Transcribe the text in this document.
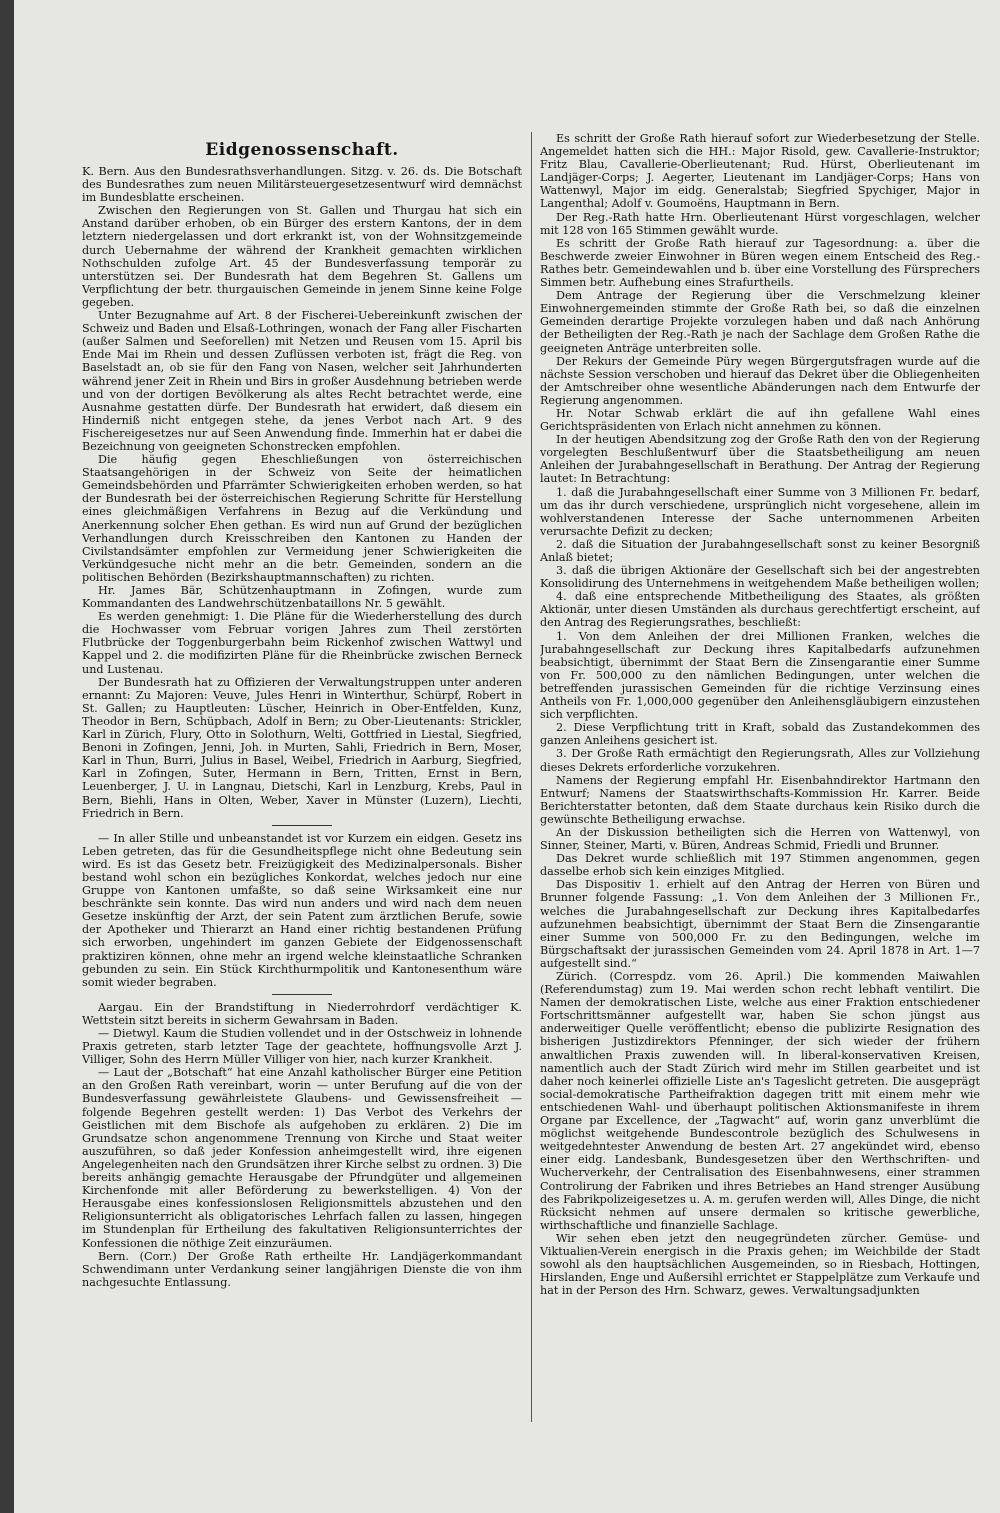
Eidgenossenschaft.

K. Bern. Aus den Bundesrathsverhandlungen. Sitzg. v. 26. ds. Die Botschaft des Bundesrathes zum neuen Militärsteuergesetzesentwurf wird demnächst im Bundesblatte erscheinen.

Zwischen den Regierungen von St. Gallen und Thurgau hat sich ein Anstand darüber erhoben, ob ein Bürger des erstern Kantons, der in dem letztern niedergelassen und dort erkrankt ist, von der Wohnsitzgemeinde durch Uebernahme der während der Krankheit gemachten wirklichen Nothschulden zufolge Art. 45 der Bundesverfassung temporär zu unterstützen sei. Der Bundesrath hat dem Begehren St. Gallens um Verpflichtung der betr. thurgauischen Gemeinde in jenem Sinne keine Folge gegeben.

Unter Bezugnahme auf Art. 8 der Fischerei-Uebereinkunft zwischen der Schweiz und Baden und Elsaß-Lothringen, wonach der Fang aller Fischarten (außer Salmen und Seeforellen) mit Netzen und Reusen vom 15. April bis Ende Mai im Rhein und dessen Zuflüssen verboten ist, frägt die Reg. von Baselstadt an, ob sie für den Fang von Nasen, welcher seit Jahrhunderten während jener Zeit in Rhein und Birs in großer Ausdehnung betrieben werde und von der dortigen Bevölkerung als altes Recht betrachtet werde, eine Ausnahme gestatten dürfe. Der Bundesrath hat erwidert, daß diesem ein Hinderniß nicht entgegen stehe, da jenes Verbot nach Art. 9 des Fischereigesetzes nur auf Seen Anwendung finde. Immerhin hat er dabei die Bezeichnung von geeigneten Schonstrecken empfohlen.

Die häufig gegen Eheschließungen von österreichischen Staatsangehörigen in der Schweiz von Seite der heimatlichen Gemeindsbehörden und Pfarrämter Schwierigkeiten erhoben werden, so hat der Bundesrath bei der österreichischen Regierung Schritte für Herstellung eines gleichmäßigen Verfahrens in Bezug auf die Verkündung und Anerkennung solcher Ehen gethan. Es wird nun auf Grund der bezüglichen Verhandlungen durch Kreisschreiben den Kantonen zu Handen der Civilstandsämter empfohlen zur Vermeidung jener Schwierigkeiten die Verkündgesuche nicht mehr an die betr. Gemeinden, sondern an die politischen Behörden (Bezirkshauptmannschaften) zu richten.

Hr. James Bär, Schützenhauptmann in Zofingen, wurde zum Kommandanten des Landwehrschützenbataillons Nr. 5 gewählt.

Es werden genehmigt: 1. Die Pläne für die Wiederherstellung des durch die Hochwasser vom Februar vorigen Jahres zum Theil zerstörten Flutbrücke der Toggenburgerbahn beim Rickenhof zwischen Wattwyl und Kappel und 2. die modifizirten Pläne für die Rheinbrücke zwischen Berneck und Lustenau.

Der Bundesrath hat zu Offizieren der Verwaltungstruppen unter anderen ernannt: Zu Majoren: Veuve, Jules Henri in Winterthur, Schürpf, Robert in St. Gallen; zu Hauptleuten: Lüscher, Heinrich in Ober-Entfelden, Kunz, Theodor in Bern, Schüpbach, Adolf in Bern; zu Ober-Lieutenants: Strickler, Karl in Zürich, Flury, Otto in Solothurn, Welti, Gottfried in Liestal, Siegfried, Benoni in Zofingen, Jenni, Joh. in Murten, Sahli, Friedrich in Bern, Moser, Karl in Thun, Burri, Julius in Basel, Weibel, Friedrich in Aarburg, Siegfried, Karl in Zofingen, Suter, Hermann in Bern, Tritten, Ernst in Bern, Leuenberger, J. U. in Langnau, Dietschi, Karl in Lenzburg, Krebs, Paul in Bern, Biehli, Hans in Olten, Weber, Xaver in Münster (Luzern), Liechti, Friedrich in Bern.

— In aller Stille und unbeanstandet ist vor Kurzem ein eidgen. Gesetz ins Leben getreten, das für die Gesundheitspflege nicht ohne Bedeutung sein wird. Es ist das Gesetz betr. Freizügigkeit des Medizinalpersonals. Bisher bestand wohl schon ein bezügliches Konkordat, welches jedoch nur eine Gruppe von Kantonen umfaßte, so daß seine Wirksamkeit eine nur beschränkte sein konnte. Das wird nun anders und wird nach dem neuen Gesetze inskünftig der Arzt, der sein Patent zum ärztlichen Berufe, sowie der Apotheker und Thierarzt an Hand einer richtig bestandenen Prüfung sich erworben, ungehindert im ganzen Gebiete der Eidgenossenschaft praktiziren können, ohne mehr an irgend welche kleinstaatliche Schranken gebunden zu sein. Ein Stück Kirchthurmpolitik und Kantonesenthum wäre somit wieder begraben.

Aargau. Ein der Brandstiftung in Niederrohrdorf verdächtiger K. Wettstein sitzt bereits in sicherm Gewahrsam in Baden.

— Dietwyl. Kaum die Studien vollendet und in der Ostschweiz in lohnende Praxis getreten, starb letzter Tage der geachtete, hoffnungsvolle Arzt J. Villiger, Sohn des Herrn Müller Villiger von hier, nach kurzer Krankheit.

— Laut der „Botschaft“ hat eine Anzahl katholischer Bürger eine Petition an den Großen Rath vereinbart, worin — unter Berufung auf die von der Bundesverfassung gewährleistete Glaubens- und Gewissensfreiheit — folgende Begehren gestellt werden: 1) Das Verbot des Verkehrs der Geistlichen mit dem Bischofe als aufgehoben zu erklären. 2) Die im Grundsatze schon angenommene Trennung von Kirche und Staat weiter auszuführen, so daß jeder Konfession anheimgestellt wird, ihre eigenen Angelegenheiten nach den Grundsätzen ihrer Kirche selbst zu ordnen. 3) Die bereits anhängig gemachte Herausgabe der Pfrundgüter und allgemeinen Kirchenfonde mit aller Beförderung zu bewerkstelligen. 4) Von der Herausgabe eines konfessionslosen Religionsmittels abzustehen und den Religionsunterricht als obligatorisches Lehrfach fallen zu lassen, hingegen im Stundenplan für Ertheilung des fakultativen Religionsunterrichtes der Konfessionen die nöthige Zeit einzuräumen.

Bern. (Corr.) Der Große Rath ertheilte Hr. Landjägerkommandant Schwendimann unter Verdankung seiner langjährigen Dienste die von ihm nachgesuchte Entlassung.

Es schritt der Große Rath hierauf sofort zur Wiederbesetzung der Stelle. Angemeldet hatten sich die HH.: Major Risold, gew. Cavallerie-Instruktor; Fritz Blau, Cavallerie-Oberlieutenant; Rud. Hürst, Oberlieutenant im Landjäger-Corps; J. Aegerter, Lieutenant im Landjäger-Corps; Hans von Wattenwyl, Major im eidg. Generalstab; Siegfried Spychiger, Major in Langenthal; Adolf v. Goumoëns, Hauptmann in Bern.

Der Reg.-Rath hatte Hrn. Oberlieutenant Hürst vorgeschlagen, welcher mit 128 von 165 Stimmen gewählt wurde.

Es schritt der Große Rath hierauf zur Tagesordnung: a. über die Beschwerde zweier Einwohner in Büren wegen einem Entscheid des Reg.-Rathes betr. Gemeindewahlen und b. über eine Vorstellung des Fürsprechers Simmen betr. Aufhebung eines Strafurtheils.

Dem Antrage der Regierung über die Verschmelzung kleiner Einwohnergemeinden stimmte der Große Rath bei, so daß die einzelnen Gemeinden derartige Projekte vorzulegen haben und daß nach Anhörung der Betheiligten der Reg.-Rath je nach der Sachlage dem Großen Rathe die geeigneten Anträge unterbreiten solle.

Der Rekurs der Gemeinde Püry wegen Bürgergutsfragen wurde auf die nächste Session verschoben und hierauf das Dekret über die Obliegenheiten der Amtschreiber ohne wesentliche Abänderungen nach dem Entwurfe der Regierung angenommen.

Hr. Notar Schwab erklärt die auf ihn gefallene Wahl eines Gerichtspräsidenten von Erlach nicht annehmen zu können.

In der heutigen Abendsitzung zog der Große Rath den von der Regierung vorgelegten Beschlußentwurf über die Staatsbetheiligung am neuen Anleihen der Jurabahngesellschaft in Berathung. Der Antrag der Regierung lautet: In Betrachtung:

1. daß die Jurabahngesellschaft einer Summe von 3 Millionen Fr. bedarf, um das ihr durch verschiedene, ursprünglich nicht vorgesehene, allein im wohlverstandenen Interesse der Sache unternommenen Arbeiten verursachte Defizit zu decken;

2. daß die Situation der Jurabahngesellschaft sonst zu keiner Besorgniß Anlaß bietet;

3. daß die übrigen Aktionäre der Gesellschaft sich bei der angestrebten Konsolidirung des Unternehmens in weitgehendem Maße betheiligen wollen;

4. daß eine entsprechende Mitbetheiligung des Staates, als größten Aktionär, unter diesen Umständen als durchaus gerechtfertigt erscheint, auf den Antrag des Regierungsrathes, beschließt:

1. Von dem Anleihen der drei Millionen Franken, welches die Jurabahngesellschaft zur Deckung ihres Kapitalbedarfs aufzunehmen beabsichtigt, übernimmt der Staat Bern die Zinsengarantie einer Summe von Fr. 500,000 zu den nämlichen Bedingungen, unter welchen die betreffenden jurassischen Gemeinden für die richtige Verzinsung eines Antheils von Fr. 1,000,000 gegenüber den Anleihensgläubigern einzustehen sich verpflichten.

2. Diese Verpflichtung tritt in Kraft, sobald das Zustandekommen des ganzen Anleihens gesichert ist.

3. Der Große Rath ermächtigt den Regierungsrath, Alles zur Vollziehung dieses Dekrets erforderliche vorzukehren.

Namens der Regierung empfahl Hr. Eisenbahndirektor Hartmann den Entwurf; Namens der Staatswirthschafts-Kommission Hr. Karrer. Beide Berichterstatter betonten, daß dem Staate durchaus kein Risiko durch die gewünschte Betheiligung erwachse.

An der Diskussion betheiligten sich die Herren von Wattenwyl, von Sinner, Steiner, Marti, v. Büren, Andreas Schmid, Friedli und Brunner.

Das Dekret wurde schließlich mit 197 Stimmen angenommen, gegen dasselbe erhob sich kein einziges Mitglied.

Das Dispositiv 1. erhielt auf den Antrag der Herren von Büren und Brunner folgende Fassung: „1. Von dem Anleihen der 3 Millionen Fr., welches die Jurabahngesellschaft zur Deckung ihres Kapitalbedarfes aufzunehmen beabsichtigt, übernimmt der Staat Bern die Zinsengarantie einer Summe von 500,000 Fr. zu den Bedingungen, welche im Bürgschaftsakt der jurassischen Gemeinden vom 24. April 1878 in Art. 1—7 aufgestellt sind.“

Zürich. (Correspdz. vom 26. April.) Die kommenden Maiwahlen (Referendumstag) zum 19. Mai werden schon recht lebhaft ventilirt. Die Namen der demokratischen Liste, welche aus einer Fraktion entschiedener Fortschrittsmänner aufgestellt war, haben Sie schon jüngst aus anderweitiger Quelle veröffentlicht; ebenso die publizirte Resignation des bisherigen Justizdirektors Pfenninger, der sich wieder der frühern anwaltlichen Praxis zuwenden will. In liberal-konservativen Kreisen, namentlich auch der Stadt Zürich wird mehr im Stillen gearbeitet und ist daher noch keinerlei offizielle Liste an's Tageslicht getreten. Die ausgeprägt social-demokratische Partheifraktion dagegen tritt mit einem mehr wie entschiedenen Wahl- und überhaupt politischen Aktionsmanifeste in ihrem Organe par Excellence, der „Tagwacht“ auf, worin ganz unverblümt die möglichst weitgehende Bundescontrole bezüglich des Schulwesens in weitgedehntester Anwendung de besten Art. 27 angekündet wird, ebenso einer eidg. Landesbank, Bundesgesetzen über den Werthschriften- und Wucherverkehr, der Centralisation des Eisenbahnwesens, einer strammen Controlirung der Fabriken und ihres Betriebes an Hand strenger Ausübung des Fabrikpolizeigesetzes u. A. m. gerufen werden will, Alles Dinge, die nicht Rücksicht nehmen auf unsere dermalen so kritische gewerbliche, wirthschaftliche und finanzielle Sachlage.

Wir sehen eben jetzt den neugegründeten zürcher. Gemüse- und Viktualien-Verein energisch in die Praxis gehen; im Weichbilde der Stadt sowohl als den hauptsächlichen Ausgemeinden, so in Riesbach, Hottingen, Hirslanden, Enge und Außersihl errichtet er Stappelplätze zum Verkaufe und hat in der Person des Hrn. Schwarz, gewes. Verwaltungsadjunkten
